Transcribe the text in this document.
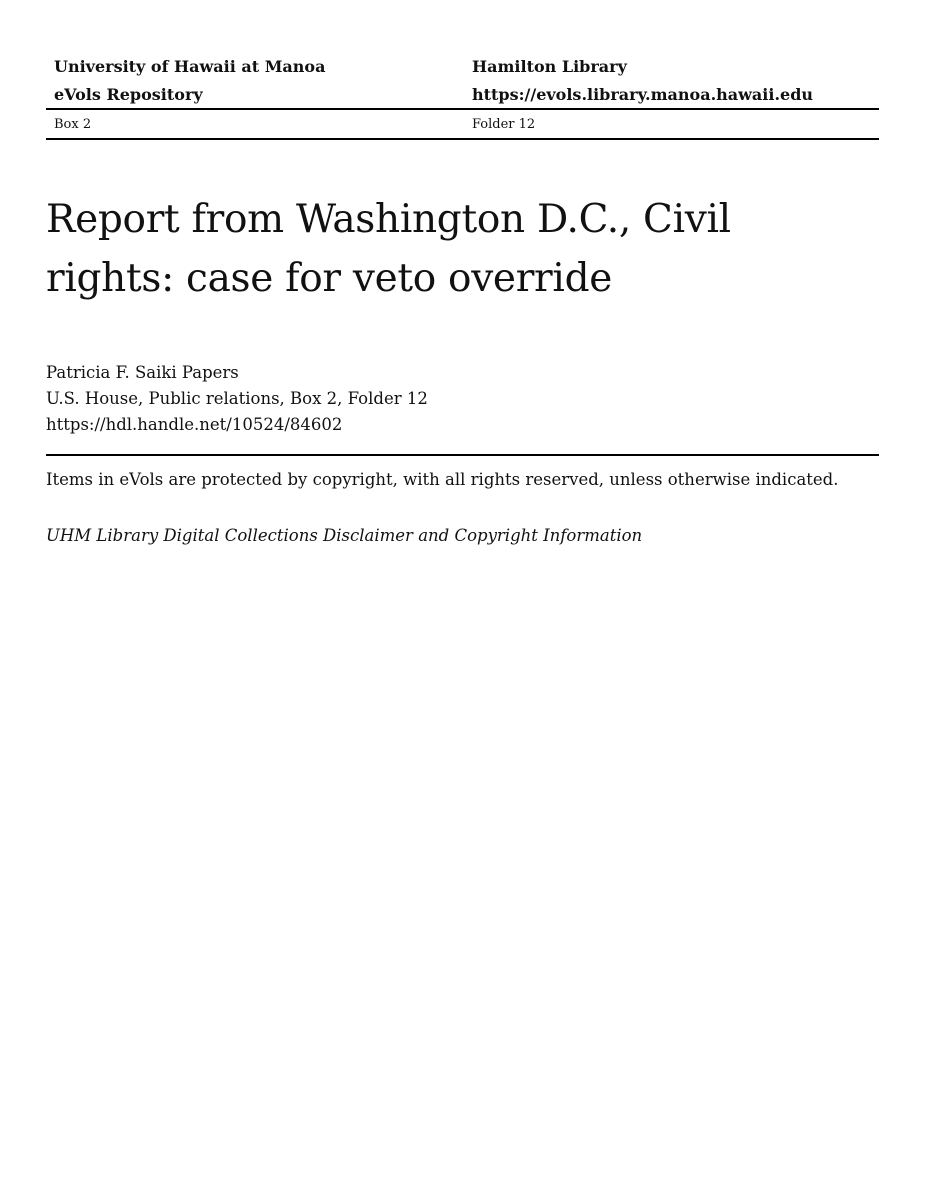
University of Hawaii at Manoa	Hamilton Library
eVols Repository	https://evols.library.manoa.hawaii.edu
Box 2	Folder 12
Report from Washington D.C., Civil
rights: case for veto override
Patricia F. Saiki Papers
U.S. House, Public relations, Box 2, Folder 12
https://hdl.handle.net/10524/84602
Items in eVols are protected by copyright, with all rights reserved, unless otherwise indicated.
UHM Library Digital Collections Disclaimer and Copyright Information
